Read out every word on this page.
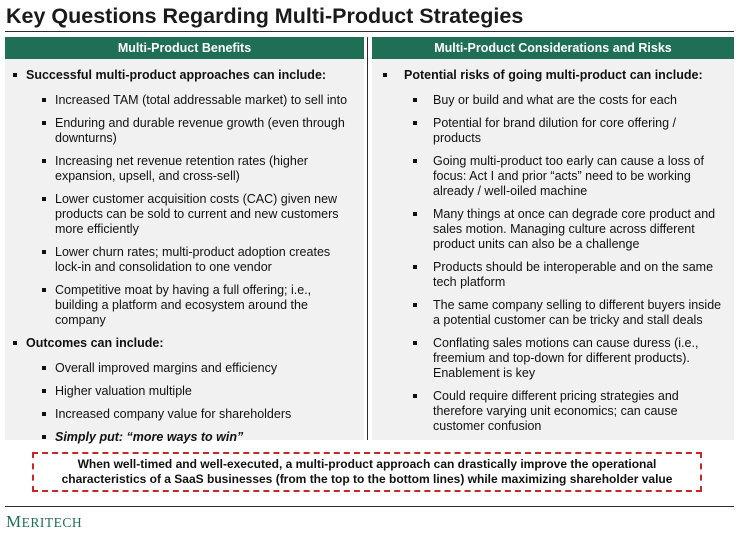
Key Questions Regarding Multi-Product Strategies
Multi-Product Benefits
Successful multi-product approaches can include:
Increased TAM (total addressable market) to sell into
Enduring and durable revenue growth (even through downturns)
Increasing net revenue retention rates (higher expansion, upsell, and cross-sell)
Lower customer acquisition costs (CAC) given new products can be sold to current and new customers more efficiently
Lower churn rates; multi-product adoption creates lock-in and consolidation to one vendor
Competitive moat by having a full offering; i.e., building a platform and ecosystem around the company
Outcomes can include:
Overall improved margins and efficiency
Higher valuation multiple
Increased company value for shareholders
Simply put: “more ways to win”
Multi-Product Considerations and Risks
Potential risks of going multi-product can include:
Buy or build and what are the costs for each
Potential for brand dilution for core offering / products
Going multi-product too early can cause a loss of focus: Act I and prior “acts” need to be working already / well-oiled machine
Many things at once can degrade core product and sales motion. Managing culture across different product units can also be a challenge
Products should be interoperable and on the same tech platform
The same company selling to different buyers inside a potential customer can be tricky and stall deals
Conflating sales motions can cause duress (i.e., freemium and top-down for different products). Enablement is key
Could require different pricing strategies and therefore varying unit economics; can cause customer confusion
When well-timed and well-executed, a multi-product approach can drastically improve the operational characteristics of a SaaS businesses (from the top to the bottom lines) while maximizing shareholder value
MERITECH
